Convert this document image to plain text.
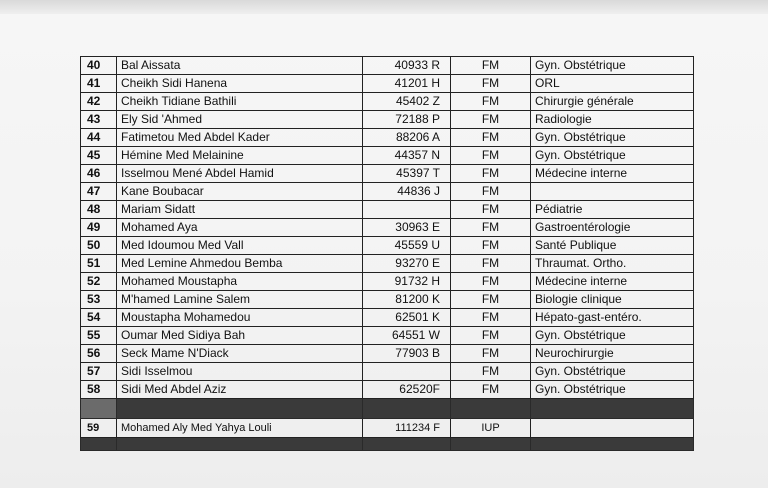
40	Bal Aissata	40933 R	FM	Gyn. Obstétrique
41	Cheikh Sidi Hanena	41201 H	FM	ORL
42	Cheikh Tidiane Bathili	45402 Z	FM	Chirurgie générale
43	Ely Sid 'Ahmed	72188 P	FM	Radiologie
44	Fatimetou Med Abdel Kader	88206 A	FM	Gyn. Obstétrique
45	Hémine Med Melainine	44357 N	FM	Gyn. Obstétrique
46	Isselmou Mené Abdel Hamid	45397 T	FM	Médecine interne
47	Kane Boubacar	44836 J	FM	
48	Mariam Sidatt		FM	Pédiatrie
49	Mohamed Aya	30963 E	FM	Gastroentérologie
50	Med Idoumou Med Vall	45559 U	FM	Santé Publique
51	Med Lemine Ahmedou Bemba	93270 E	FM	Thraumat. Ortho.
52	Mohamed Moustapha	91732 H	FM	Médecine interne
53	M'hamed Lamine Salem	81200 K	FM	Biologie clinique
54	Moustapha Mohamedou	62501 K	FM	Hépato-gast-entéro.
55	Oumar Med Sidiya Bah	64551 W	FM	Gyn. Obstétrique
56	Seck Mame N'Diack	77903 B	FM	Neurochirurgie
57	Sidi Isselmou		FM	Gyn. Obstétrique
58	Sidi Med Abdel Aziz	62520F	FM	Gyn. Obstétrique

59	Mohamed Aly Med Yahya Louli	111234 F	IUP	
